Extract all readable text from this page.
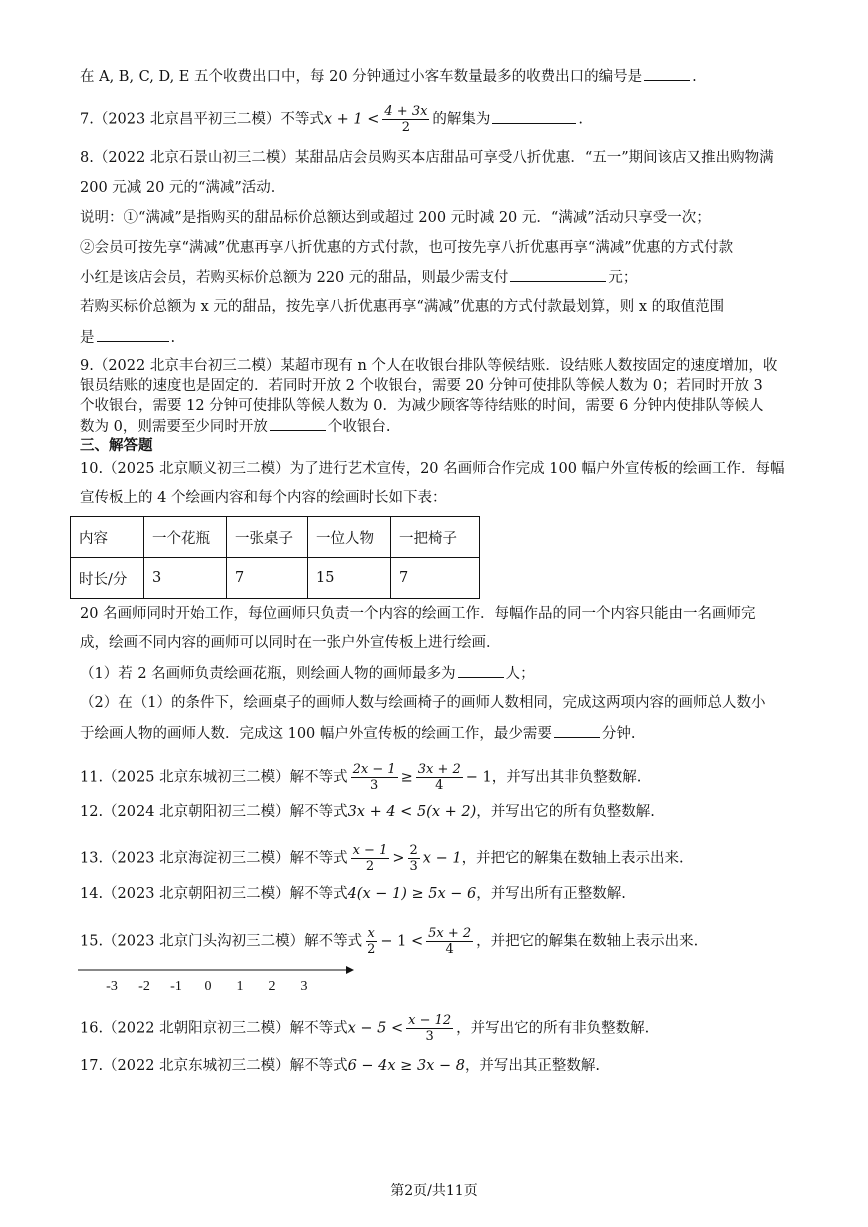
在 A, B, C, D, E 五个收费出口中，每 20 分钟通过小客车数量最多的收费出口的编号是	.
7.（2023 北京昌平初三二模）不等式$x + 1 < \frac{4 + 3x}{2}$ 的解集为	.
8.（2022 北京石景山初三二模）某甜品店会员购买本店甜品可享受八折优惠．“五一”期间该店又推出购物满
200 元减 20 元的“满减”活动．
说明：①“满减”是指购买的甜品标价总额达到或超过 200 元时减 20 元．“满减”活动只享受一次；
②会员可按先享“满减”优惠再享八折优惠的方式付款，也可按先享八折优惠再享“满减”优惠的方式付款
小红是该店会员，若购买标价总额为 220 元的甜品，则最少需支付	元；
若购买标价总额为 x 元的甜品，按先享八折优惠再享“满减”优惠的方式付款最划算，则 x 的取值范围
是	.
9.（2022 北京丰台初三二模）某超市现有 n 个人在收银台排队等候结账．设结账人数按固定的速度增加，收
银员结账的速度也是固定的．若同时开放 2 个收银台，需要 20 分钟可使排队等候人数为 0；若同时开放 3
个收银台，需要 12 分钟可使排队等候人数为 0．为减少顾客等待结账的时间，需要 6 分钟内使排队等候人
数为 0，则需要至少同时开放	个收银台.
三、解答题
10.（2025 北京顺义初三二模）为了进行艺术宣传，20 名画师合作完成 100 幅户外宣传板的绘画工作．每幅
宣传板上的 4 个绘画内容和每个内容的绘画时长如下表：
内容	一个花瓶	一张桌子	一位人物	一把椅子
时长/分	3	7	15	7
20 名画师同时开始工作，每位画师只负责一个内容的绘画工作．每幅作品的同一个内容只能由一名画师完
成，绘画不同内容的画师可以同时在一张户外宣传板上进行绘画．
（1）若 2 名画师负责绘画花瓶，则绘画人物的画师最多为	人；
（2）在（1）的条件下，绘画桌子的画师人数与绘画椅子的画师人数相同，完成这两项内容的画师总人数小
于绘画人物的画师人数．完成这 100 幅户外宣传板的绘画工作，最少需要	分钟.
11.（2025 北京东城初三二模）解不等式 $\frac{2x - 1}{3} \ge \frac{3x + 2}{4} - 1$，并写出其非负整数解.
12.（2024 北京朝阳初三二模）解不等式3x + 4 < 5(x + 2)，并写出它的所有负整数解.
13.（2023 北京海淀初三二模）解不等式 $\frac{x - 1}{2} > \frac{2}{3}$ x − 1，并把它的解集在数轴上表示出来.
14.（2023 北京朝阳初三二模）解不等式4(x − 1) ≥ 5x − 6，并写出所有正整数解.
15.（2023 北京门头沟初三二模）解不等式 $\frac{x}{2} - 1 < \frac{5x + 2}{4}$ ，并把它的解集在数轴上表示出来.
-3 -2 -1 0 1 2 3
16.（2022 北朝阳京初三二模）解不等式$x - 5 < \frac{x - 12}{3}$ ，并写出它的所有非负整数解.
17.（2022 北京东城初三二模）解不等式6 − 4x ≥ 3x − 8，并写出其正整数解.
第2页/共11页
